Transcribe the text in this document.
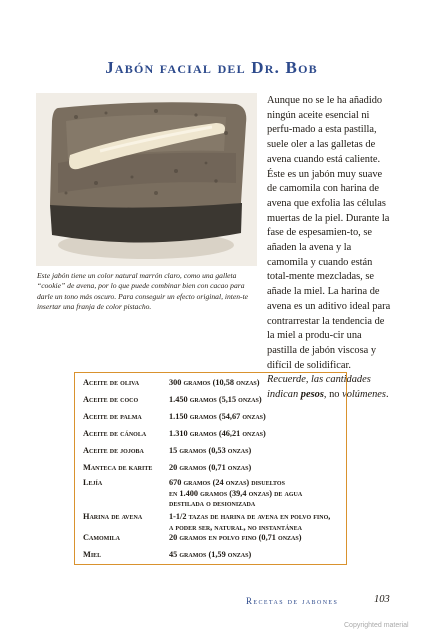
Jabón facial del Dr. Bob
Este jabón tiene un color natural marrón claro, como una galleta “cookie” de avena, por lo que puede combinar bien con cacao para darle un tono más oscuro. Para conseguir un efecto original, inten-te insertar una franja de color pistacho.
Aunque no se le ha añadido ningún aceite esencial ni perfu-mado a esta pastilla, suele oler a las galletas de avena cuando está caliente. Éste es un jabón muy suave de camomila con harina de avena que exfolia las células muertas de la piel. Durante la fase de espesamien-to, se añaden la avena y la camomila y cuando están total-mente mezcladas, se añade la miel. La harina de avena es un aditivo ideal para contrarrestar la tendencia de la miel a produ-cir una pastilla de jabón viscosa y difícil de solidificar. Recuerde, las cantidades indican pesos, no volúmenes.
Aceite de oliva	300 gramos (10,58 onzas)
Aceite de coco	1.450 gramos (5,15 onzas)
Aceite de palma	1.150 gramos (54,67 onzas)
Aceite de cánola	1.310 gramos (46,21 onzas)
Aceite de jojoba	15 gramos (0,53 onzas)
Manteca de karite	20 gramos (0,71 onzas)
Lejía	670 gramos (24 onzas) disueltos
en 1.400 gramos (39,4 onzas) de agua
destilada o desionizada
Harina de avena	1-1/2 tazas de harina de avena en polvo fino,
a poder ser, natural, no instantánea
Camomila	20 gramos en polvo fino (0,71 onzas)
Miel	45 gramos (1,59 onzas)
Recetas de jabones	103
Copyrighted material
